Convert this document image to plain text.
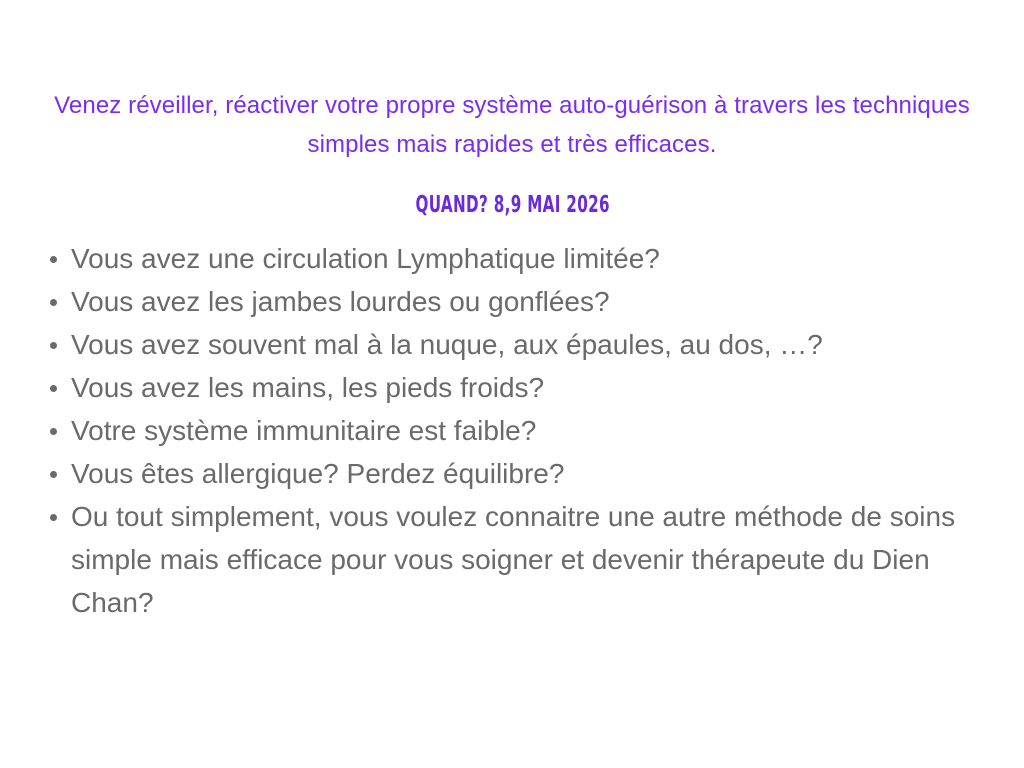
Venez réveiller, réactiver votre propre système auto-guérison à travers les techniques simples mais rapides et très efficaces.

QUAND? 8,9 MAI 2026
Vous avez une circulation Lymphatique limitée?
Vous avez les jambes lourdes ou gonflées?
Vous avez souvent mal à la nuque, aux épaules, au dos, …?
Vous avez les mains, les pieds froids?
Votre système immunitaire est faible?
Vous êtes allergique? Perdez équilibre?
Ou tout simplement, vous voulez connaitre une autre méthode de soins simple mais efficace pour vous soigner et devenir thérapeute du Dien Chan?
